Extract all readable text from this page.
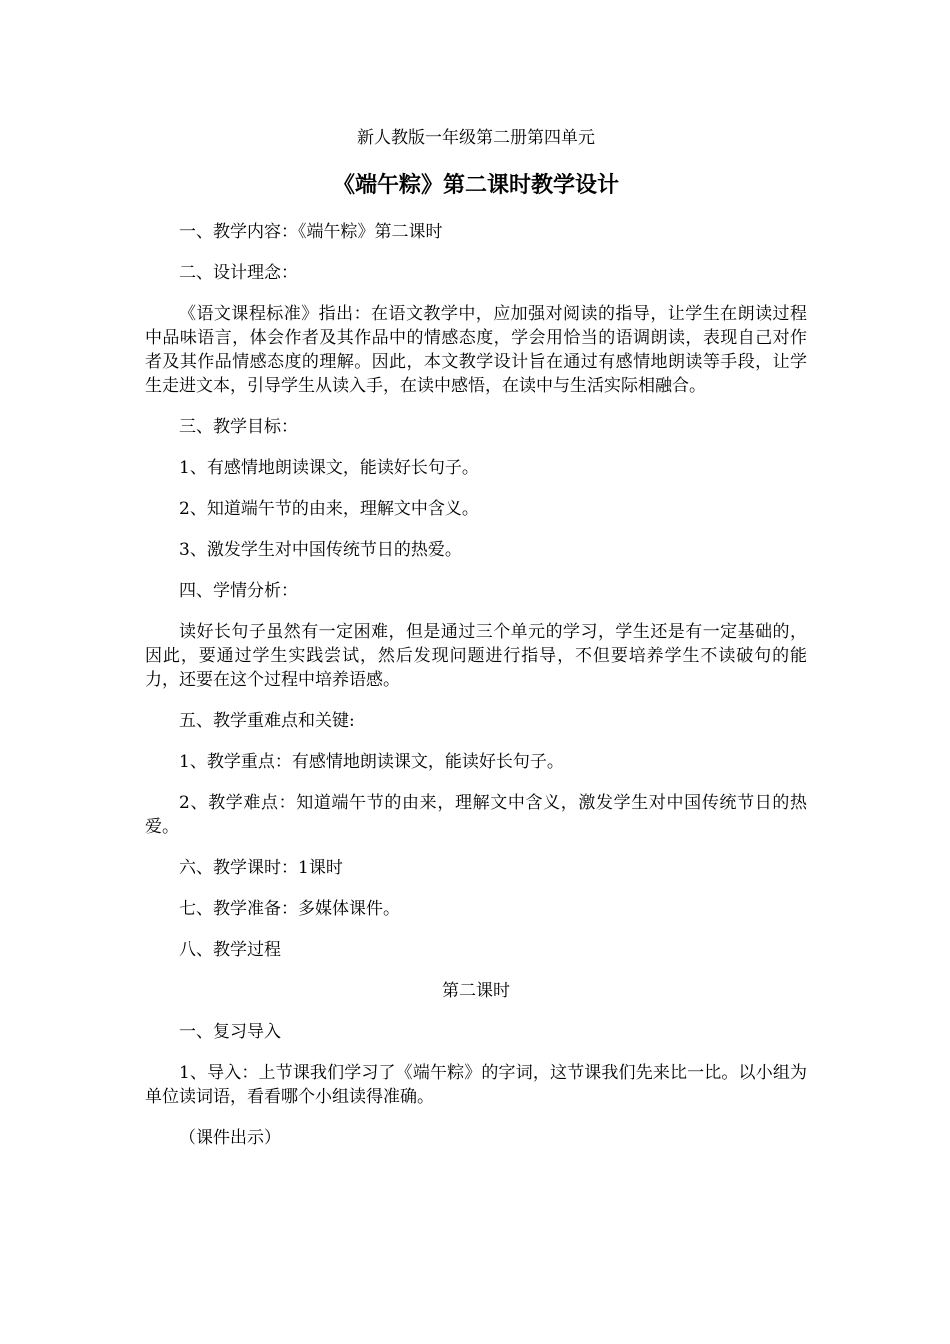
新人教版一年级第二册第四单元
《端午粽》第二课时教学设计

一、教学内容：《端午粽》第二课时

二、设计理念：

《语文课程标准》指出：在语文教学中，应加强对阅读的指导，让学生在朗读过程中品味语言，体会作者及其作品中的情感态度，学会用恰当的语调朗读，表现自己对作者及其作品情感态度的理解。因此，本文教学设计旨在通过有感情地朗读等手段，让学生走进文本，引导学生从读入手，在读中感悟，在读中与生活实际相融合。

三、教学目标：

1、有感情地朗读课文，能读好长句子。

2、知道端午节的由来，理解文中含义。

3、激发学生对中国传统节日的热爱。

四、学情分析：

读好长句子虽然有一定困难，但是通过三个单元的学习，学生还是有一定基础的，因此，要通过学生实践尝试，然后发现问题进行指导，不但要培养学生不读破句的能力，还要在这个过程中培养语感。

五、教学重难点和关键:

1、教学重点：有感情地朗读课文，能读好长句子。

2、教学难点：知道端午节的由来，理解文中含义，激发学生对中国传统节日的热爱。

六、教学课时：1课时

七、教学准备：多媒体课件。

八、教学过程

第二课时

一、复习导入

1、导入：上节课我们学习了《端午粽》的字词，这节课我们先来比一比。以小组为单位读词语，看看哪个小组读得准确。

（课件出示）
